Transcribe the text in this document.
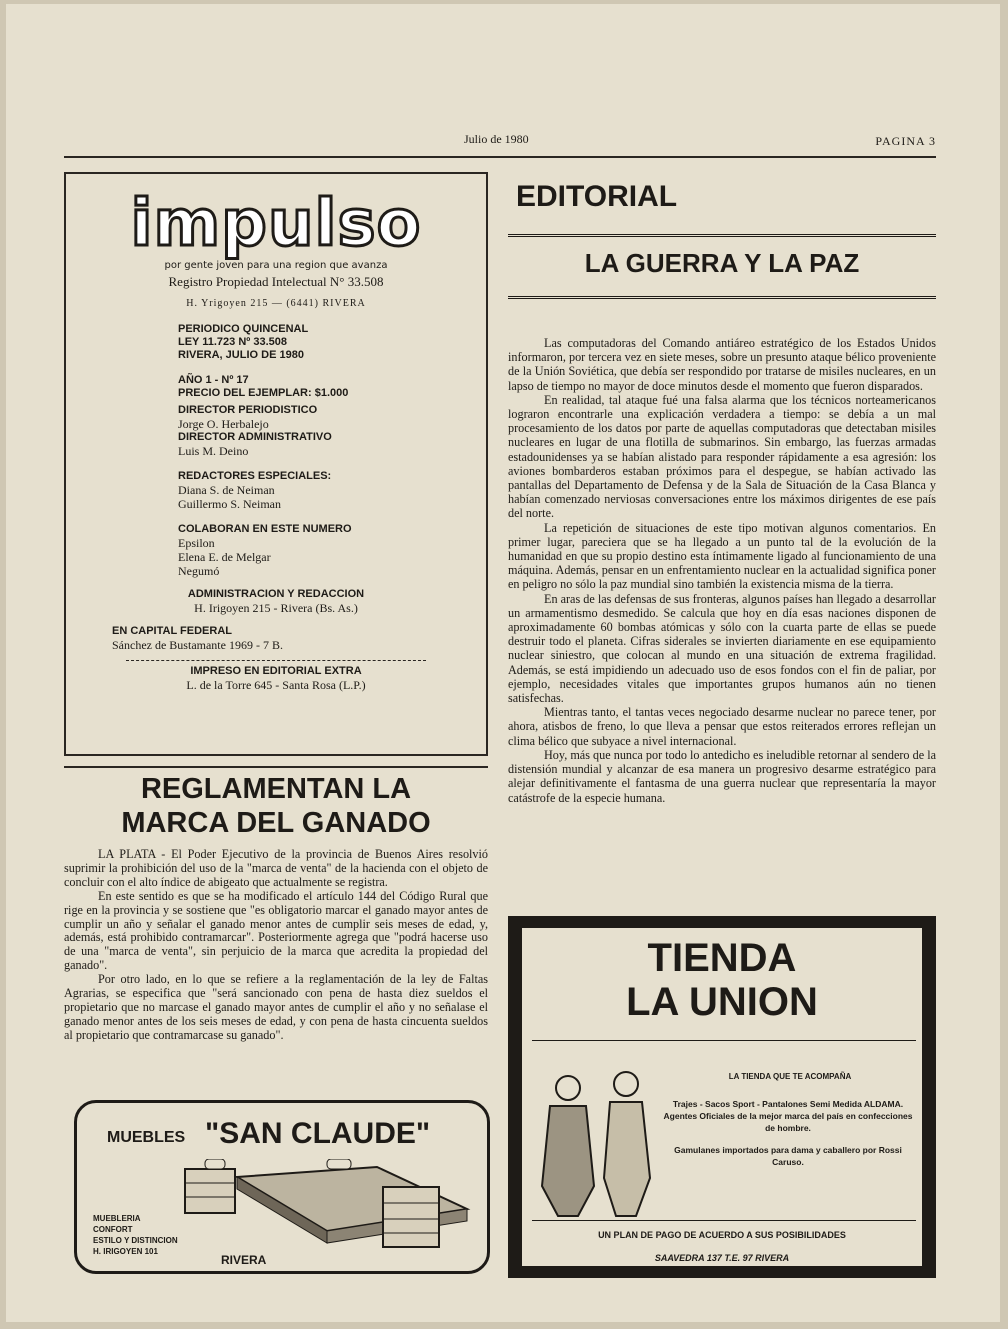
Julio de 1980	PAGINA 3
impulso
por gente joven para una region que avanza
Registro Propiedad Intelectual N° 33.508
H. Yrigoyen 215 — (6441) RIVERA
PERIODICO QUINCENAL
LEY 11.723 Nº 33.508
RIVERA, JULIO DE 1980
AÑO 1 - Nº 17
PRECIO DEL EJEMPLAR: $1.000
DIRECTOR PERIODISTICO
Jorge O. Herbalejo
DIRECTOR ADMINISTRATIVO
Luis M. Deino
REDACTORES ESPECIALES:
Diana S. de Neiman
Guillermo S. Neiman
COLABORAN EN ESTE NUMERO
Epsilon
Elena E. de Melgar
Negumó
ADMINISTRACION Y REDACCION
H. Irigoyen 215 - Rivera (Bs. As.)
EN CAPITAL FEDERAL
Sánchez de Bustamante 1969 - 7 B.
IMPRESO EN EDITORIAL EXTRA
L. de la Torre 645 - Santa Rosa (L.P.)
EDITORIAL
LA GUERRA Y LA PAZ

Las computadoras del Comando antiáreo estratégico de los Estados Unidos informaron, por tercera vez en siete meses, sobre un presunto ataque bélico proveniente de la Unión Soviética, que debía ser respondido por tratarse de misiles nucleares, en un lapso de tiempo no mayor de doce minutos desde el momento que fueron disparados.

En realidad, tal ataque fué una falsa alarma que los técnicos norteamericanos lograron encontrarle una explicación verdadera a tiempo: se debía a un mal procesamiento de los datos por parte de aquellas computadoras que detectaban misiles nucleares en lugar de una flotilla de submarinos. Sin embargo, las fuerzas armadas estadounidenses ya se habían alistado para responder rápidamente a esa agresión: los aviones bombarderos estaban próximos para el despegue, se habían activado las pantallas del Departamento de Defensa y de la Sala de Situación de la Casa Blanca y habían comenzado nerviosas conversaciones entre los máximos dirigentes de ese país del norte.

La repetición de situaciones de este tipo motivan algunos comentarios. En primer lugar, pareciera que se ha llegado a un punto tal de la evolución de la humanidad en que su propio destino esta íntimamente ligado al funcionamiento de una máquina. Además, pensar en un enfrentamiento nuclear en la actualidad significa poner en peligro no sólo la paz mundial sino también la existencia misma de la tierra.

En aras de las defensas de sus fronteras, algunos países han llegado a desarrollar un armamentismo desmedido. Se calcula que hoy en día esas naciones disponen de aproximadamente 60 bombas atómicas y sólo con la cuarta parte de ellas se puede destruir todo el planeta. Cifras siderales se invierten diariamente en ese equipamiento nuclear siniestro, que colocan al mundo en una situación de extrema fragilidad. Además, se está impidiendo un adecuado uso de esos fondos con el fin de paliar, por ejemplo, necesidades vitales que importantes grupos humanos aún no tienen satisfechas.

Mientras tanto, el tantas veces negociado desarme nuclear no parece tener, por ahora, atisbos de freno, lo que lleva a pensar que estos reiterados errores reflejan un clima bélico que subyace a nivel internacional.

Hoy, más que nunca por todo lo antedicho es ineludible retornar al sendero de la distensión mundial y alcanzar de esa manera un progresivo desarme estratégico para alejar definitivamente el fantasma de una guerra nuclear que representaría la mayor catástrofe de la especie humana.

REGLAMENTAN LA
MARCA DEL GANADO

LA PLATA - El Poder Ejecutivo de la provincia de Buenos Aires resolvió suprimir la prohibición del uso de la "marca de venta" de la hacienda con el objeto de concluir con el alto índice de abigeato que actualmente se registra.

En este sentido es que se ha modificado el artículo 144 del Código Rural que rige en la provincia y se sostiene que "es obligatorio marcar el ganado mayor antes de cumplir un año y señalar el ganado menor antes de cumplir seis meses de edad, y, además, está prohibido contramarcar". Posteriormente agrega que "podrá hacerse uso de una "marca de venta", sin perjuicio de la marca que acredita la propiedad del ganado".

Por otro lado, en lo que se refiere a la reglamentación de la ley de Faltas Agrarias, se especifica que "será sancionado con pena de hasta diez sueldos el propietario que no marcase el ganado mayor antes de cumplir el año y no señalase el ganado menor antes de los seis meses de edad, y con pena de hasta cincuenta sueldos al propietario que contramarcase su ganado".

MUEBLES "SAN CLAUDE"
MUEBLERIA
CONFORT
ESTILO Y DISTINCION
H. IRIGOYEN 101
RIVERA
TIENDA
LA UNION
LA TIENDA QUE TE ACOMPAÑA
Trajes - Sacos Sport - Pantalones Semi Medida ALDAMA. Agentes Oficiales de la mejor marca del país en confecciones de hombre.
Gamulanes importados para dama y caballero por Rossi Caruso.
UN PLAN DE PAGO DE ACUERDO A SUS POSIBILIDADES
SAAVEDRA 137 T.E. 97 RIVERA
